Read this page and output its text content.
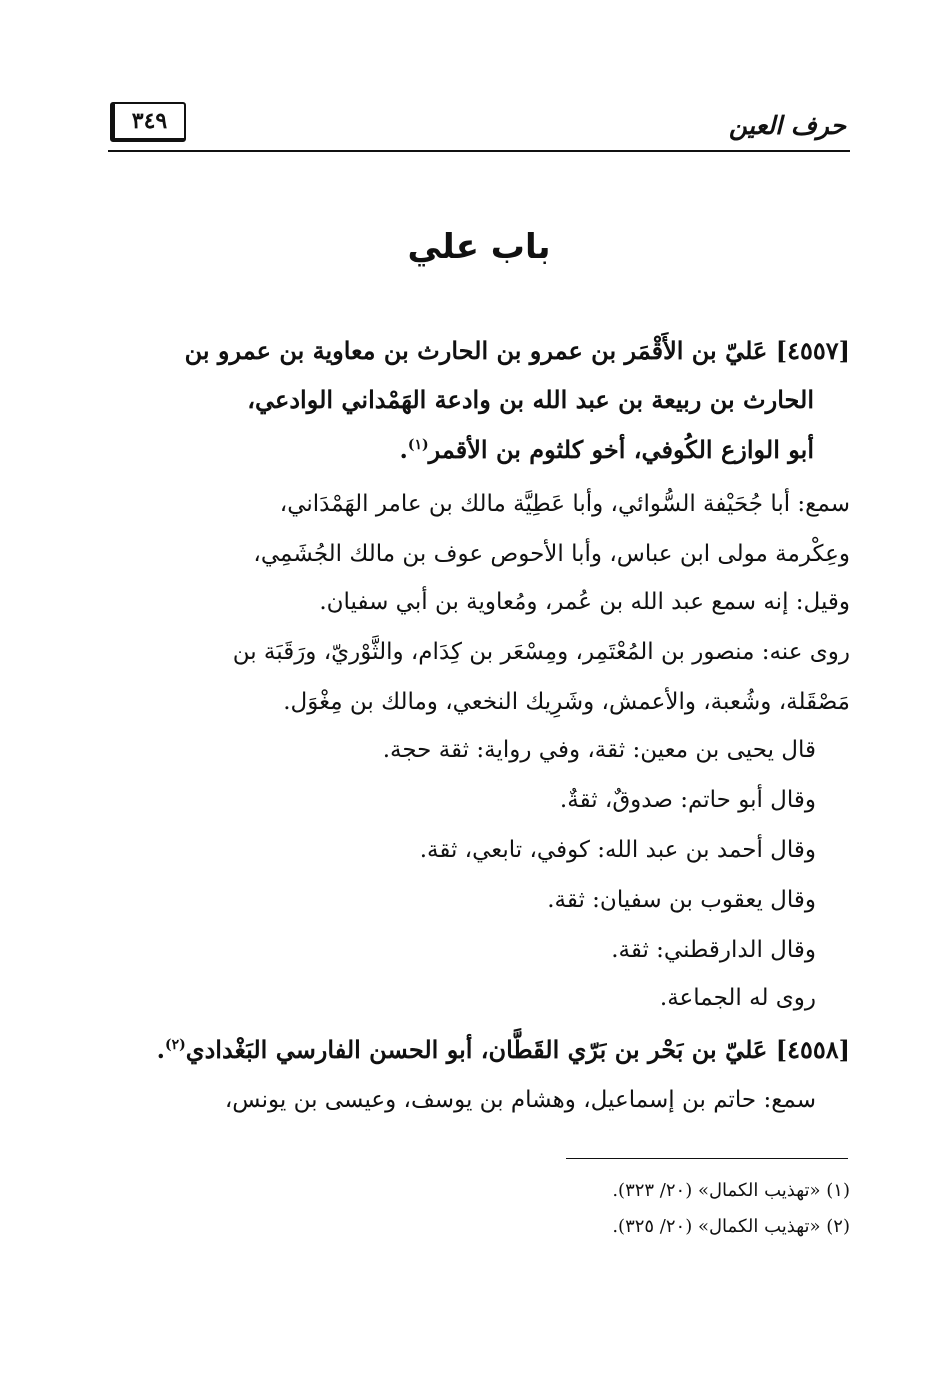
حرف العين
٣٤٩
باب علي
[٤٥٥٧] عَليّ بن الأَقْمَر بن عمرو بن الحارث بن معاوية بن عمرو بن
الحارث بن ربيعة بن عبد الله بن وادعة الهَمْداني الوادعي،
أبو الوازع الكُوفي، أخو كلثوم بن الأقمر$^{(١)}$.
سمع: أبا جُحَيْفة السُّوائي، وأبا عَطِيَّة مالك بن عامر الهَمْدَاني،
وعِكْرمة مولى ابن عباس، وأبا الأحوص عوف بن مالك الجُشَمِي،
وقيل: إنه سمع عبد الله بن عُمر، ومُعاوية بن أبي سفيان.
روى عنه: منصور بن المُعْتَمِر، ومِسْعَر بن كِدَام، والثَّوْريّ، ورَقَبَة بن
مَصْقَلة، وشُعبة، والأعمش، وشَرِيك النخعي، ومالك بن مِغْوَل.
قال يحيى بن معين: ثقة، وفي رواية: ثقة حجة.
وقال أبو حاتم: صدوقٌ، ثقةٌ.
وقال أحمد بن عبد الله: كوفي، تابعي، ثقة.
وقال يعقوب بن سفيان: ثقة.
وقال الدارقطني: ثقة.
روى له الجماعة.
[٤٥٥٨] عَليّ بن بَحْر بن بَرّي القَطَّان، أبو الحسن الفارسي البَغْدادي$^{(٢)}$.
سمع: حاتم بن إسماعيل، وهشام بن يوسف، وعيسى بن يونس،
(١) «تهذيب الكمال» (٢٠/ ٣٢٣).
(٢) «تهذيب الكمال» (٢٠/ ٣٢٥).
